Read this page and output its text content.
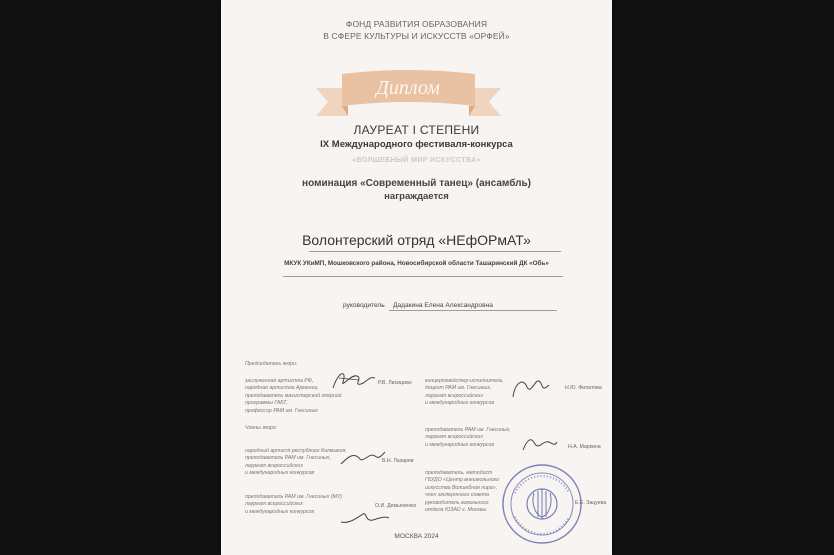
ФОНД РАЗВИТИЯ ОБРАЗОВАНИЯ
В СФЕРЕ КУЛЬТУРЫ И ИСКУССТВ «ОРФЕЙ»
Диплом
ЛАУРЕАТ I СТЕПЕНИ
IX Международного фестиваля-конкурса
«ВОЛШЕБНЫЙ МИР ИСКУССТВА»
номинация «Современный танец» (ансамбль)
награждается
Волонтерский отряд «НЕфОРмАТ»
МКУК УКиМП, Мошковского района, Новосибирской области Ташаринский ДК «Обь»
руководитель Дадакина Елена Александровна
Председатель жюри:
заслуженная артистка РФ,
народная артистка Армении,
преподаватель магистерской оперной
программы ГАБТ,
профессор РАМ им. Гнесиных
Р.В. Лисициан
Члены жюри:
народный артист республики Калмыкия,
преподаватель РАМ им. Гнесиных,
лауреат всероссийских
и международных конкурсов
В.Н. Лазарев
преподаватель РАМ им. Гнесиных (МУ)
лауреат всероссийских
и международных конкурсов
О.И. Демьяненко
концертмейстер-исполнитель,
доцент РАМ им. Гнесиных,
лауреат всероссийских
и международных конкурсов
Н.Ю. Филатова
преподаватель РАМ им. Гнесиных,
лауреат всероссийских
и международных конкурсов	Н.А. Маркина
преподаватель, методист
ГБУДО «Центр внешкольного
искусства Волшебная лира»,
член экспертного совета
руководитель вокального
отдела ЮЗАО г. Москвы
Е.Е. Зацуева
МОСКВА 2024
